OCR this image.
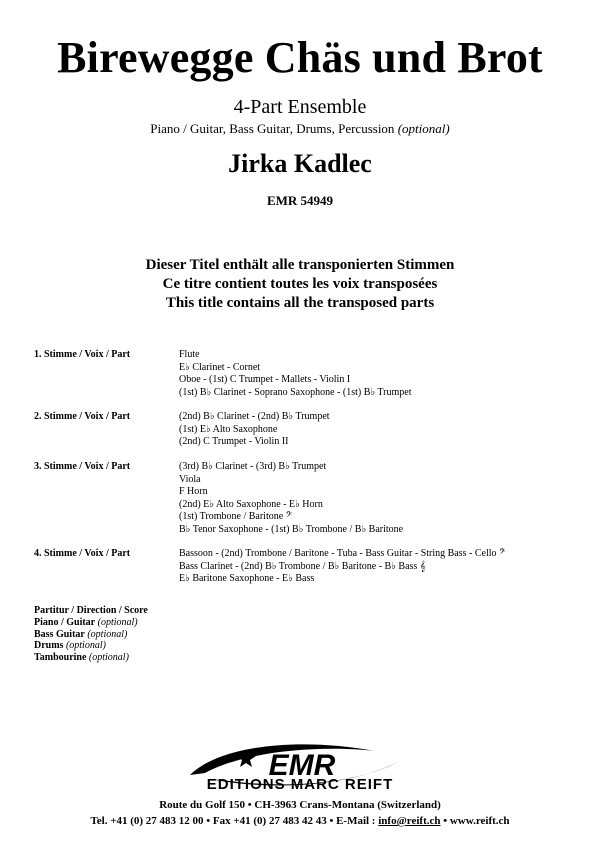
Birewegge Chäs und Brot
4-Part Ensemble
Piano / Guitar, Bass Guitar, Drums, Percussion (optional)
Jirka Kadlec
EMR 54949
Dieser Titel enthält alle transponierten Stimmen
Ce titre contient toutes les voix transposées
This title contains all the transposed parts
1. Stimme / Voix / Part	Flute
E♭ Clarinet - Cornet
Oboe - (1st) C Trumpet - Mallets - Violin I
(1st) B♭ Clarinet - Soprano Saxophone - (1st) B♭ Trumpet
2. Stimme / Voix / Part	(2nd) B♭ Clarinet - (2nd) B♭ Trumpet
(1st) E♭ Alto Saxophone
(2nd) C Trumpet - Violin II
3. Stimme / Voix / Part	(3rd) B♭ Clarinet - (3rd) B♭ Trumpet
Viola
F Horn
(2nd) E♭ Alto Saxophone - E♭ Horn
(1st) Trombone / Baritone 𝄢
B♭ Tenor Saxophone - (1st) B♭ Trombone / B♭ Baritone
4. Stimme / Voix / Part	Bassoon - (2nd) Trombone / Baritone - Tuba - Bass Guitar - String Bass - Cello 𝄢
Bass Clarinet - (2nd) B♭ Trombone / B♭ Baritone - B♭ Bass 𝄞
E♭ Baritone Saxophone - E♭ Bass
Partitur / Direction / Score
Piano / Guitar (optional)
Bass Guitar (optional)
Drums (optional)
Tambourine (optional)
EMR
EDITIONS MARC REIFT
Route du Golf 150 • CH-3963 Crans-Montana (Switzerland)
Tel. +41 (0) 27 483 12 00 • Fax +41 (0) 27 483 42 43 • E-Mail : info@reift.ch • www.reift.ch
